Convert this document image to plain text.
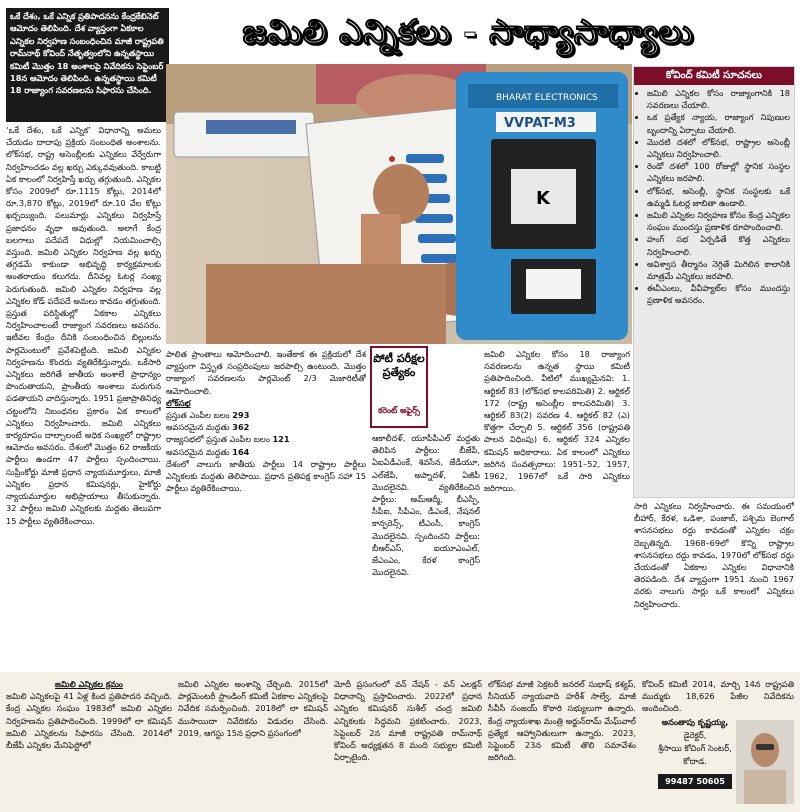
ఒకే దేశం, ఒకే ఎన్నిక ప్రతిపాదనను కేంద్రకేబినెట్ ఆమోదం తెలిపింది. దేశ వ్యాప్తంగా ఏకకాల ఎన్నికల నిర్వహణ సంబంధించిన మాజీ రాష్ట్రపతి రామ్‌నాథ్ కోవింద్ నేతృత్వంలోని ఉన్నతస్థాయి కమిటీ మొత్తం 18 అంశాలపై నివేదికను సెప్టెంబర్ 18న ఆమోదం తెలిపింది. ఉన్నతస్థాయి కమిటీ 18 రాజ్యాంగ సవరణలను సిఫారసు చేసింది.
జమిలి ఎన్నికలు - సాధ్యాసాధ్యాలు

‘ఒకే దేశం, ఒకే ఎన్నిక’ విధానాన్ని అమలు చేయడం దాదాపు ప్రక్రియ సంబంధిత అంశాలను. లోక్‌సభ, రాష్ట్ర అసెంబ్లీలకు ఎన్నికలు వేర్వేరుగా నిర్వహించడం వల్ల ఖర్చు ఎక్కువవుతుంది. కాబట్టి ఏక కాలంలో నిర్వహిస్తే ఖర్చు తగ్గుతుంది. ఎన్నికల కోసం 2009లో రూ.1115 కోట్లు, 2014లో రూ.3,870 కోట్లు, 2019లో రూ.10 వేల కోట్లు ఖర్చయ్యింది. పలుమార్లు ఎన్నికలు నిర్వహిస్తే ప్రజాధనం వృథా అవుతుంది. అలాగే కేంద్ర బలగాలు పదేపదే విధుల్లో నియమించాల్సి వస్తుంది. జమిలి ఎన్నికల నిర్వహణ వల్ల ఖర్చు తగ్గడమే కాకుండా అభివృద్ధి కార్యక్రమాలకు అంతరాయం కలుగదు. దీనివల్ల ఓటర్ల సంఖ్య పెరుగుతుంది. జమిలి ఎన్నికల నిర్వహణ వల్ల ఎన్నికల కోడ్ పదేపదే అమలు కావడం తగ్గుతుంది. ప్రస్తుత పరిస్థితుల్లో ఏకకాల ఎన్నికలు నిర్వహించాలంటే రాజ్యాంగ సవరణలు అవసరం. ఇటీవల కేంద్రం దీనికి సంబంధించిన బిల్లులను పార్లమెంటులో ప్రవేశపెట్టింది. జమిలి ఎన్నికల నిర్వహణను కొందరు వ్యతిరేకిస్తున్నారు. ఒకేసారి ఎన్నికలు జరిగితే జాతీయ అంశాలే ప్రాధాన్యం పొందుతాయని, ప్రాంతీయ అంశాలు మరుగున పడతాయని వాదిస్తున్నారు. 1951 ప్రజాప్రాతినిధ్య చట్టంలోని నిబంధనల ప్రకారం ఏక కాలంలో ఎన్నికలు నిర్వహించారు. జమిలి ఎన్నికలు కార్యరూపం దాల్చాలంటే అధిక సంఖ్యలో రాష్ట్రాల ఆమోదం అవసరం. దేశంలో మొత్తం 62 రాజకీయ పార్టీలు ఉండగా 47 పార్టీలు స్పందించాయి. సుప్రీంకోర్టు మాజీ ప్రధాన న్యాయమూర్తులు, మాజీ ఎన్నికల ప్రధాన కమిషనర్లు, హైకోర్టు న్యాయమూర్తుల అభిప్రాయాలు తీసుకున్నారు. 32 పార్టీలు జమిలి ఎన్నికలకు మద్దతు తెలుపగా 15 పార్టీలు వ్యతిరేకించాయి.

BHARAT ELECTRONICS
VVPAT-M3
K
కోవింద్ కమిటీ సూచనలు
• జమిలి ఎన్నికల కోసం రాజ్యాంగానికి 18 సవరణలు చేయాలి.
• ఒక ప్రత్యేక న్యాయ, రాజ్యాంగ నిపుణుల బృందాన్ని ఏర్పాటు చేయాలి.
• మొదటి దశలో లోక్‌సభ, రాష్ట్రాల అసెంబ్లీ ఎన్నికలు నిర్వహించాలి.
• రెండో దశలో 100 రోజుల్లో స్థానిక సంస్థల ఎన్నికలు జరపాలి.
• లోక్‌సభ, అసెంబ్లీ, స్థానిక సంస్థలకు ఒకే ఉమ్మడి ఓటర్ల జాబితా ఉండాలి.
• జమిలి ఎన్నికల నిర్వహణ కోసం కేంద్ర ఎన్నికల సంఘం ముందస్తు ప్రణాళిక రూపొందించాలి.
• హంగ్ సభ ఏర్పడితే కొత్త ఎన్నికలు నిర్వహించాలి.
• అవిశ్వాస తీర్మానం నెగ్గితే మిగిలిన కాలానికి మాత్రమే ఎన్నికలు జరపాలి.
• ఈవీఎంలు, వీవీప్యాట్‌ల కోసం ముందస్తు ప్రణాళిక అవసరం.

పాలిత ప్రాంతాలు ఆమోదించాలి. ఇంతేకాక ఈ ప్రక్రియలో దేశ వ్యాప్తంగా విస్తృత సంప్రదింపులు జరపాల్సి ఉంటుంది. మొత్తం రాజ్యాంగ సవరణలను పార్లమెంట్ 2/3 మెజారిటీతో ఆమోదించాలి.

లోక్‌సభ

ప్రస్తుత ఎంపీల బలం 293

అవసరమైన మద్దతు 362

రాజ్యసభలో ప్రస్తుత ఎంపీల బలం 121

అవసరమైన మద్దతు 164

దేశంలో నాలుగు జాతీయ పార్టీలు 14 రాష్ట్రాల పార్టీలు ఎన్నికలకు మద్దతు తెలిపాయి. ప్రధాన ప్రతిపక్ష కాంగ్రెస్ సహా 15 పార్టీలు వ్యతిరేకించాయి.

పోటీ పరీక్షల ప్రత్యేకం
కరెంట్ అఫైర్స్

ఆకాలీదళ్, యూపీపీఎల్ మద్దతు తెలిపిన పార్టీలు: బీజేపీ, ఏఐఏడీఎంకే, శివసేన, జేడీయూ, ఎల్‌జేపీ, అప్నాదళ్, ఏజీపీ మొదలైనవి. వ్యతిరేకించిన పార్టీలు: ఆమ్‌ఆద్మీ, బీఎస్పీ, సీపీఐ, సీపీఎం, డీఎంకే, నేషనల్ కాన్ఫరెన్స్, టీఎంసీ, కాంగ్రెస్ మొదలైనవి. స్పందించని పార్టీలు: బీఆర్‌ఎస్, ఐయూఎంఎల్, జేఎంఎం, కేరళ కాంగ్రెస్ మొదలైనవి.

జమిలి ఎన్నికల కోసం 18 రాజ్యాంగ సవరణలను ఉన్నత స్థాయి కమిటీ ప్రతిపాదించింది. వీటిలో ముఖ్యమైనవి: 1. ఆర్టికల్ 83 (లోక్‌సభ కాలపరిమితి) 2. ఆర్టికల్ 172 (రాష్ట్ర అసెంబ్లీల కాలపరిమితి) 3. ఆర్టికల్ 83(2) సవరణ 4. ఆర్టికల్ 82 (ఎ) కొత్తగా చేర్చాలి 5. ఆర్టికల్ 356 (రాష్ట్రపతి పాలన విధింపు) 6. ఆర్టికల్ 324 ఎన్నికల కమిషన్ అధికారాలు. ఏక కాలంలో ఎన్నికలు జరిగిన సంవత్సరాలు: 1951–52, 1957, 1962, 1967లో ఒకే సారి ఎన్నికలు జరిగాయి.

సారి ఎన్నికలు నిర్వహించారు. ఈ సమయంలో బీహార్, కేరళ, ఒడిశా, పంజాబ్, పశ్చిమ బెంగాల్ శాసనసభలు రద్దు కావడంతో ఎన్నికల చక్రం దెబ్బతిన్నది. 1968–69లో కొన్ని రాష్ట్రాల శాసనసభలు రద్దు కావడం, 1970లో లోక్‌సభ రద్దు చేయడంతో ఏకకాల ఎన్నికల విధానానికి తెరపడింది. దేశ వ్యాప్తంగా 1951 నుంచి 1967 వరకు నాలుగు సార్లు ఒకే కాలంలో ఎన్నికలు నిర్వహించారు.

జమిలి ఎన్నికల క్రమం
జమిలి ఎన్నికలపై 41 ఏళ్ల కింద ప్రతిపాదన వచ్చింది. కేంద్ర ఎన్నికల సంఘం 1983లో జమిలి ఎన్నికల నిర్వహణను ప్రతిపాదించింది. 1999లో లా కమిషన్ జమిలి ఎన్నికలను సిఫారసు చేసింది. 2014లో బీజేపీ ఎన్నికల మేనిఫెస్టోలో
జమిలి ఎన్నికల అంశాన్ని చేర్చింది. 2015లో పార్లమెంటరీ స్టాండింగ్ కమిటీ ఏకకాల ఎన్నికలపై నివేదిక సమర్పించింది. 2018లో లా కమిషన్ ముసాయిదా నివేదికను విడుదల చేసింది. 2019, ఆగస్టు 15న ప్రధాని ప్రసంగంలో
మోదీ ప్రసంగంలో వన్ నేషన్ - వన్ ఎలక్షన్ విధానాన్ని ప్రస్తావించారు. 2022లో ప్రధాన ఎన్నికల కమిషనర్ సుశీల్ చంద్ర జమిలి ఎన్నికలకు సిద్ధమని ప్రకటించారు. 2023, సెప్టెంబర్ 2న మాజీ రాష్ట్రపతి రామ్‌నాథ్ కోవింద్ అధ్యక్షతన 8 మంది సభ్యుల కమిటీ ఏర్పాటైంది.
లోక్‌సభ మాజీ సెక్రటరీ జనరల్ సుభాష్ కశ్యప్, సీనియర్ న్యాయవాది హరీశ్ సాల్వే, మాజీ సీవీసీ సంజయ్ కొఠారి సభ్యులుగా ఉన్నారు. కేంద్ర న్యాయశాఖ మంత్రి అర్జున్‌రామ్ మేఘ్‌వాల్ ప్రత్యేక ఆహ్వానితులుగా ఉన్నారు. 2023, సెప్టెంబర్ 23న కమిటీ తొలి సమావేశం జరిగింది.
కోవింద్ కమిటీ 2014, మార్చి 14న రాష్ట్రపతి ముర్ముకు 18,626 పేజీల నివేదికను అందించింది.
అనంతాపు కృష్ణయ్య,
డైరెక్టర్,
శ్రీసాయి కోచింగ్ సెంటర్,
కోదాడ.
99487 50605
